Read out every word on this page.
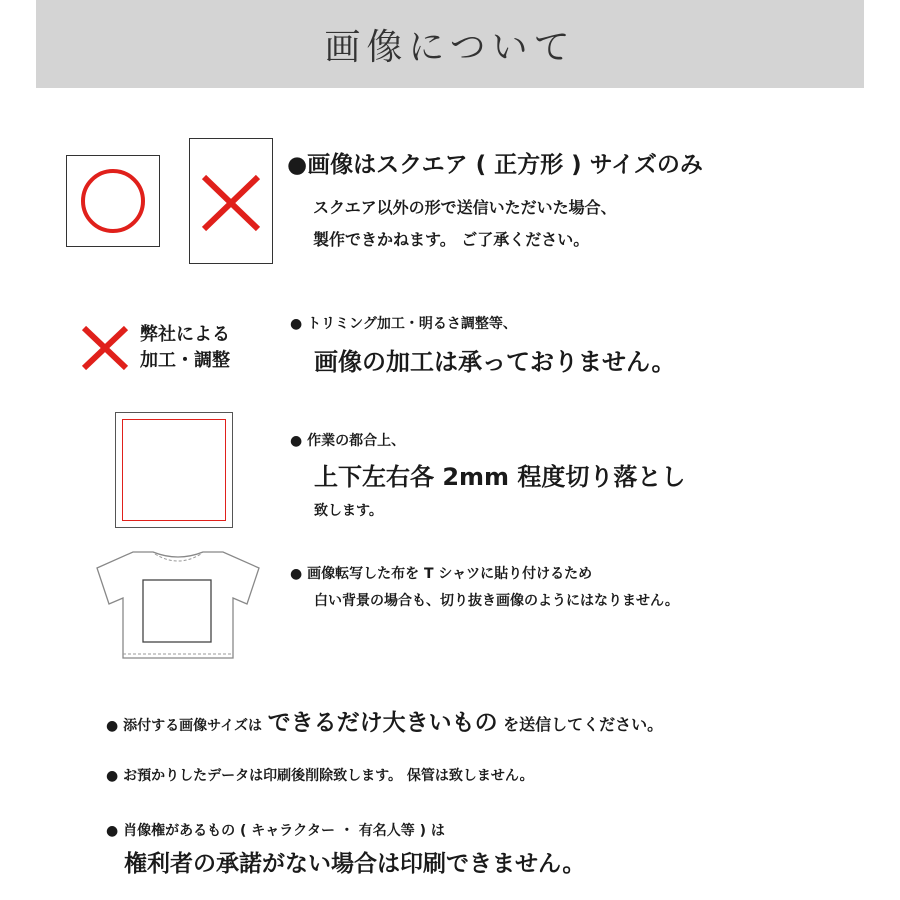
画像について
●画像はスクエア ( 正方形 ) サイズのみ
スクエア以外の形で送信いただいた場合、
製作できかねます。 ご了承ください。
弊社による
加工・調整
● トリミング加工・明るさ調整等、
画像の加工は承っておりません。
● 作業の都合上、
上下左右各 2mm 程度切り落とし
致します。
● 画像転写した布を T シャツに貼り付けるため
白い背景の場合も、切り抜き画像のようにはなりません。
● 添付する画像サイズは できるだけ大きいもの を送信してください。
● お預かりしたデータは印刷後削除致します。 保管は致しません。
● 肖像権があるもの ( キャラクター ・ 有名人等 ) は
権利者の承諾がない場合は印刷できません。
